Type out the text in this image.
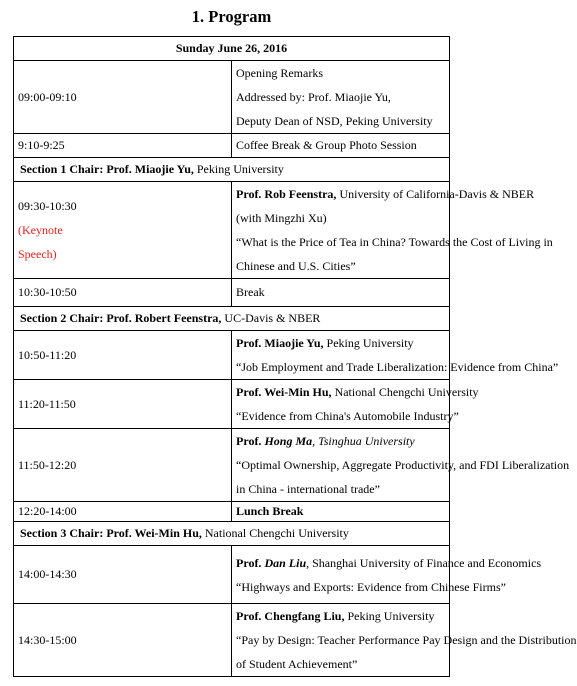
1. Program
Sunday June 26, 2016	
09:00-09:10	Opening Remarks
Addressed by: Prof. Miaojie Yu,
Deputy Dean of NSD, Peking University

9:10-9:25	Coffee Break & Group Photo Session
Section 1 Chair: Prof. Miaojie Yu, Peking University	

09:30-10:30
(Keynote
Speech)	Prof. Rob Feenstra, University of California-Davis & NBER
(with Mingzhi Xu)
“What is the Price of Tea in China? Towards the Cost of Living in
Chinese and U.S. Cities”

10:30-10:50	Break
Section 2 Chair: Prof. Robert Feenstra, UC-Davis & NBER	
10:50-11:20	Prof. Miaojie Yu, Peking University
“Job Employment and Trade Liberalization: Evidence from China”

11:20-11:50	Prof. Wei-Min Hu, National Chengchi University
“Evidence from China's Automobile Industry”

11:50-12:20	Prof. Hong Ma, Tsinghua University
“Optimal Ownership, Aggregate Productivity, and FDI Liberalization
in China - international trade”

12:20-14:00	Lunch Break
Section 3 Chair: Prof. Wei-Min Hu, National Chengchi University	
14:00-14:30	Prof. Dan Liu, Shanghai University of Finance and Economics
“Highways and Exports: Evidence from Chinese Firms”

14:30-15:00	Prof. Chengfang Liu, Peking University
“Pay by Design: Teacher Performance Pay Design and the Distribution
of Student Achievement”
